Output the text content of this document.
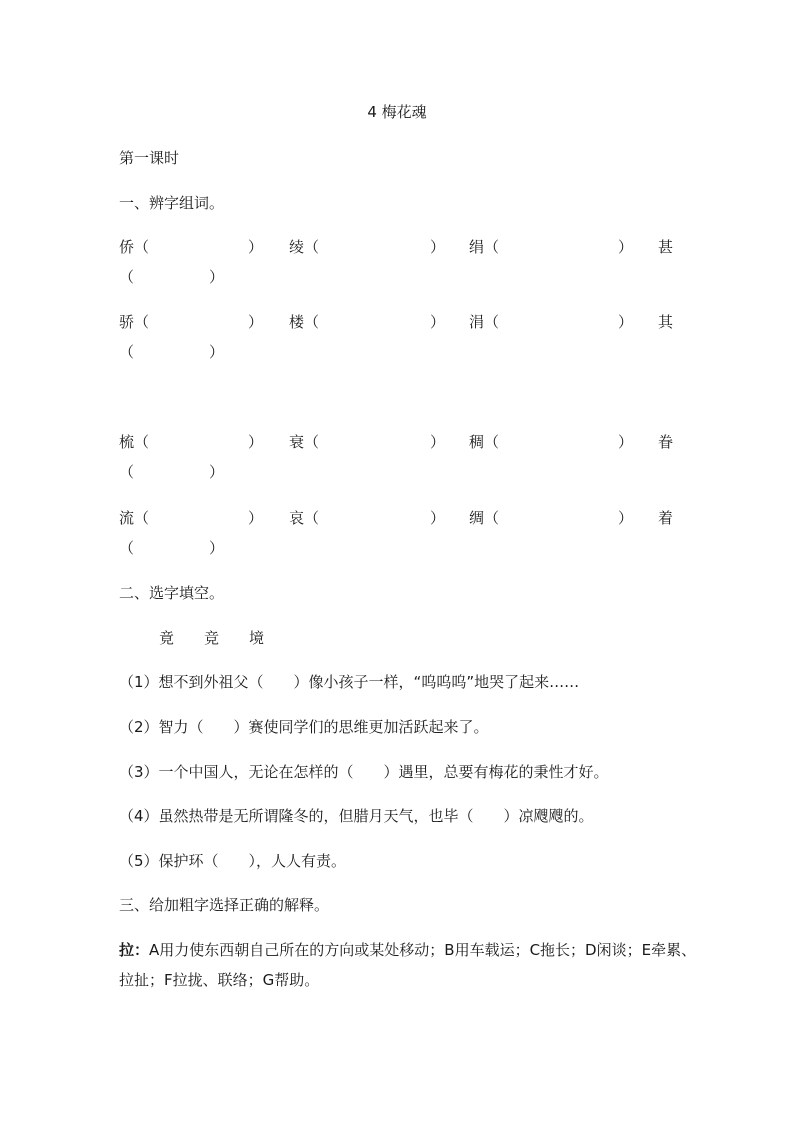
4 梅花魂
第一课时
一、辨字组词。
侨（	） 绫（	） 绢（	） 甚
（　　　　　）
骄（	） 楼（	） 涓（	） 其
（　　　　　）
梳（	） 衰（	） 稠（	） 眷
（　　　　　）
流（	） 哀（	） 绸（	） 着
（　　　　　）
二、选字填空。
竟　　竞　　境
（1）想不到外祖父（　　）像小孩子一样，“呜呜呜”地哭了起来……
（2）智力（　　）赛使同学们的思维更加活跃起来了。
（3）一个中国人，无论在怎样的（　　）遇里，总要有梅花的秉性才好。
（4）虽然热带是无所谓隆冬的，但腊月天气，也毕（　　）凉飕飕的。
（5）保护环（　　），人人有责。
三、给加粗字选择正确的解释。
拉：A用力使东西朝自己所在的方向或某处移动；B用车载运；C拖长；D闲谈；E牵累、拉扯；F拉拢、联络；G帮助。
